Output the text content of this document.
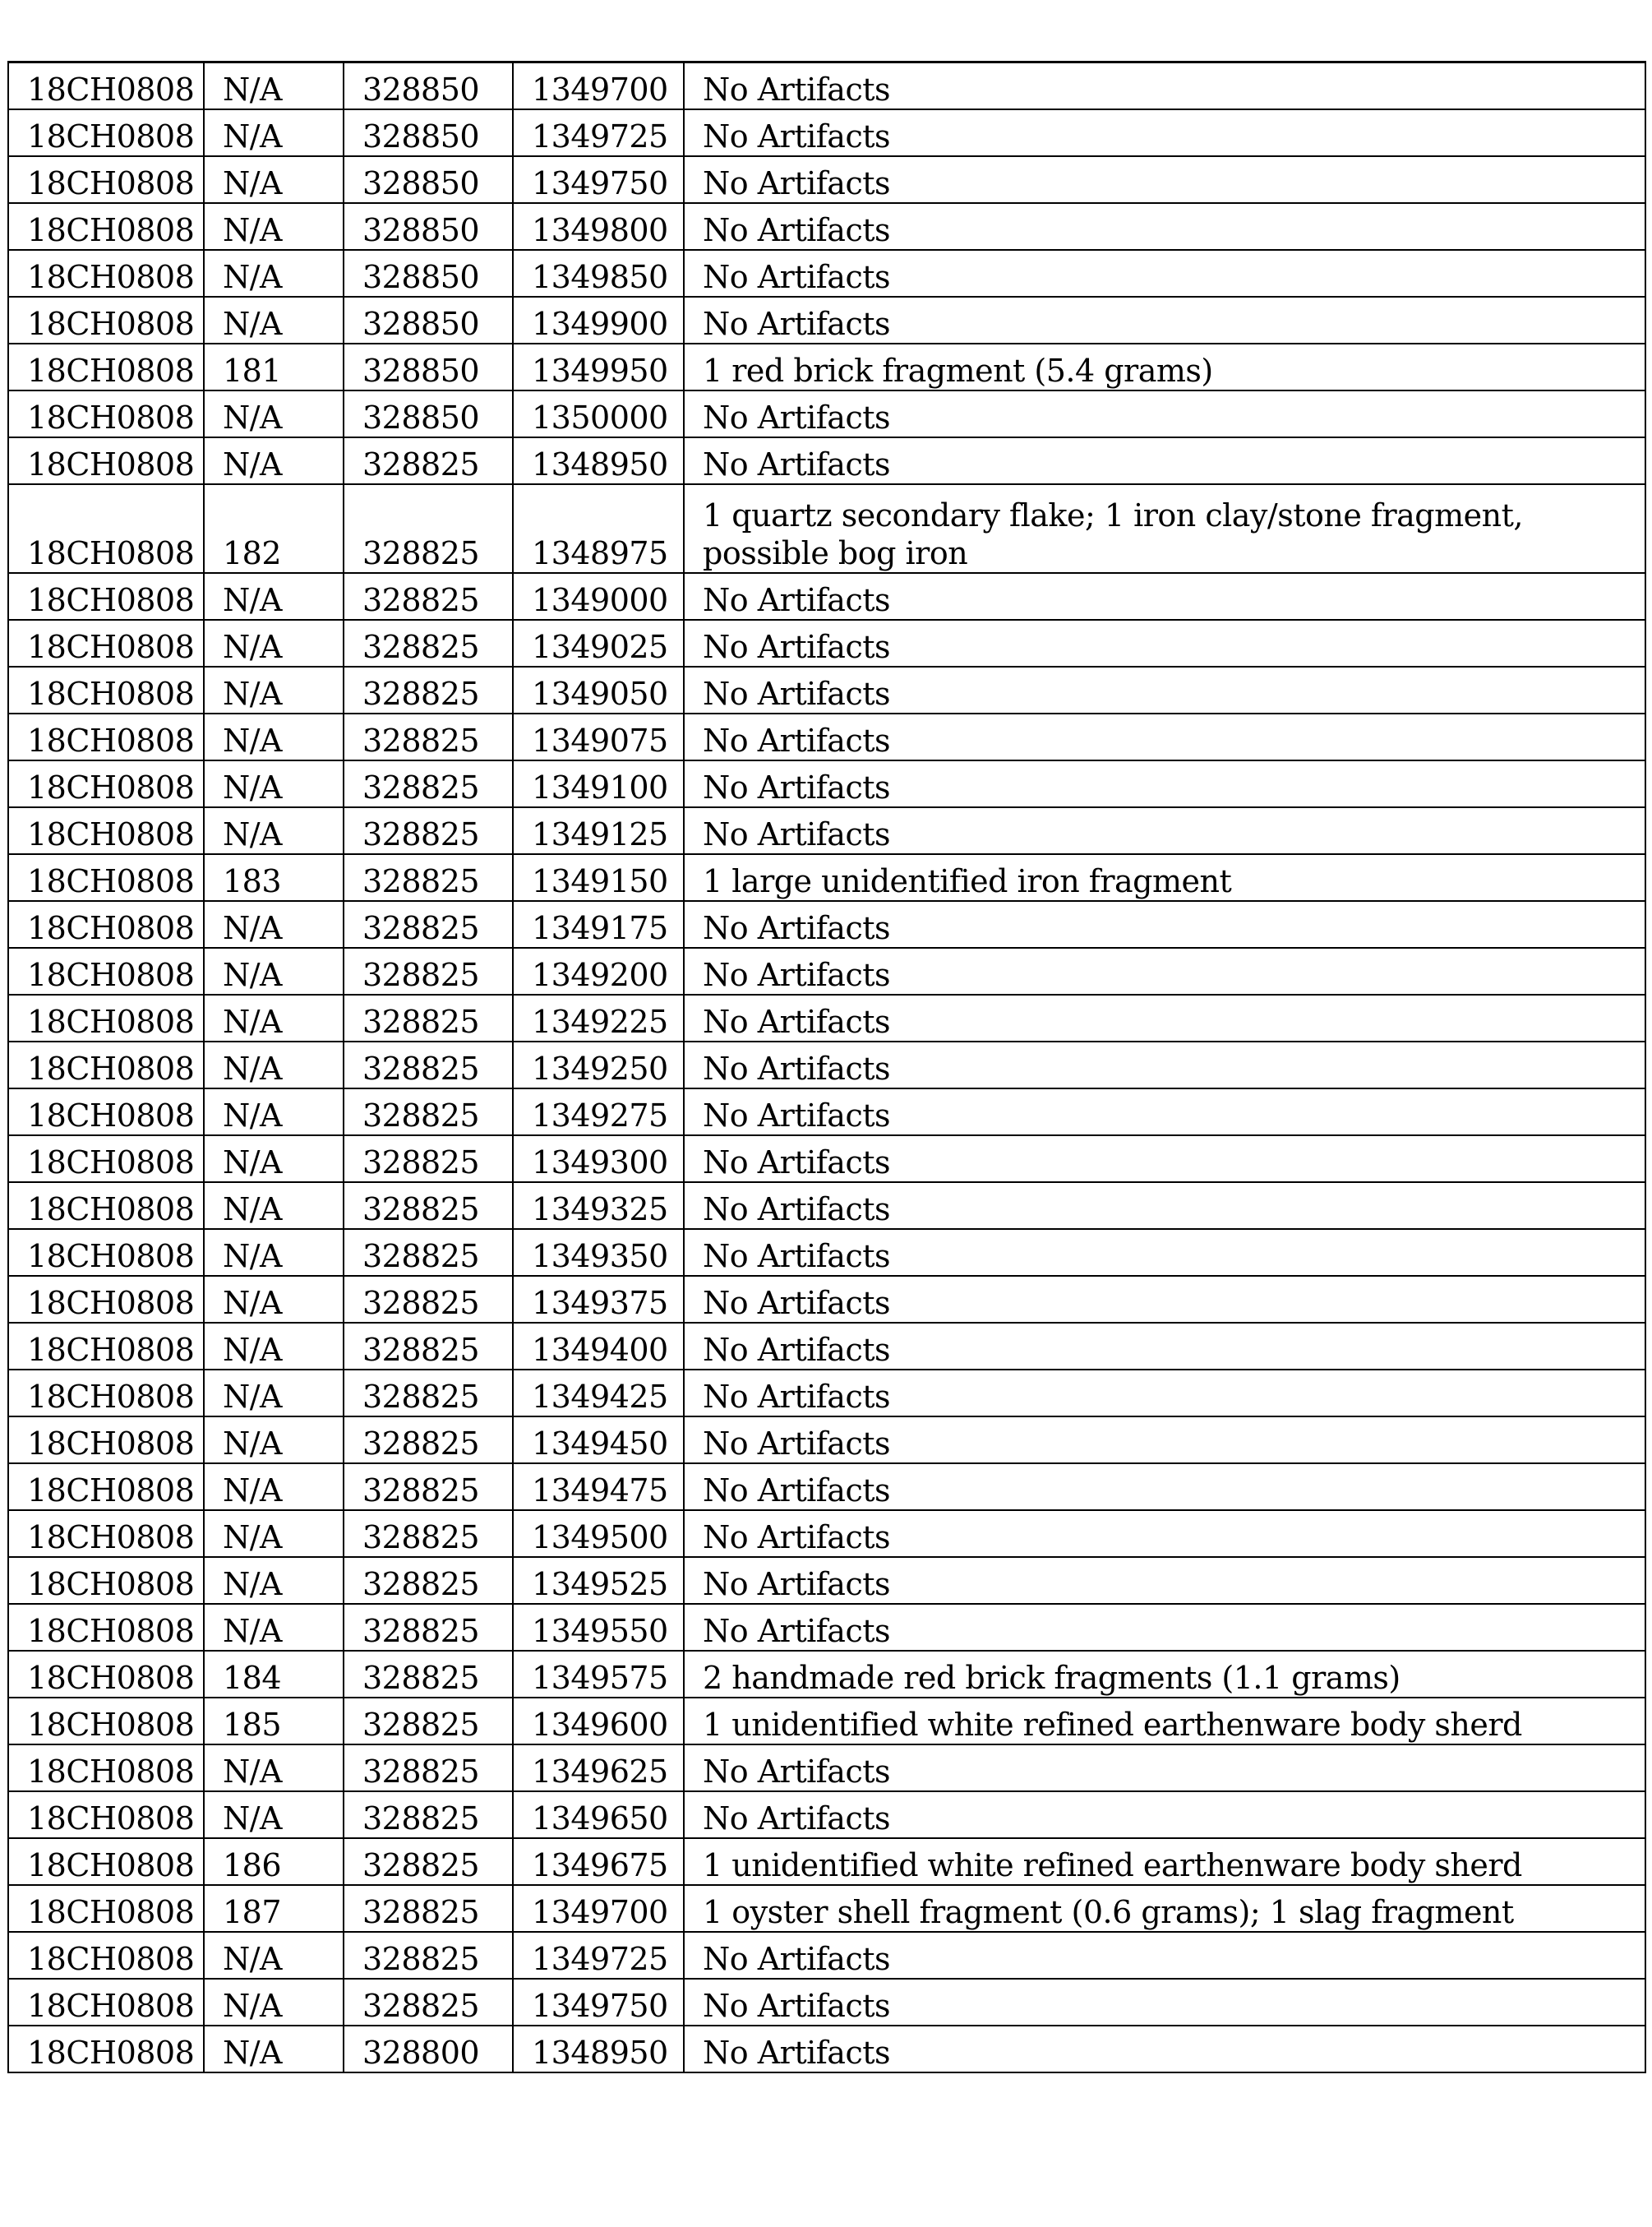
18CH0808	N/A	328850	1349700	No Artifacts
18CH0808	N/A	328850	1349725	No Artifacts
18CH0808	N/A	328850	1349750	No Artifacts
18CH0808	N/A	328850	1349800	No Artifacts
18CH0808	N/A	328850	1349850	No Artifacts
18CH0808	N/A	328850	1349900	No Artifacts
18CH0808	181	328850	1349950	1 red brick fragment (5.4 grams)
18CH0808	N/A	328850	1350000	No Artifacts
18CH0808	N/A	328825	1348950	No Artifacts
18CH0808	182	328825	1348975	1 quartz secondary flake; 1 iron clay/stone fragment, possible bog iron
18CH0808	N/A	328825	1349000	No Artifacts
18CH0808	N/A	328825	1349025	No Artifacts
18CH0808	N/A	328825	1349050	No Artifacts
18CH0808	N/A	328825	1349075	No Artifacts
18CH0808	N/A	328825	1349100	No Artifacts
18CH0808	N/A	328825	1349125	No Artifacts
18CH0808	183	328825	1349150	1 large unidentified iron fragment
18CH0808	N/A	328825	1349175	No Artifacts
18CH0808	N/A	328825	1349200	No Artifacts
18CH0808	N/A	328825	1349225	No Artifacts
18CH0808	N/A	328825	1349250	No Artifacts
18CH0808	N/A	328825	1349275	No Artifacts
18CH0808	N/A	328825	1349300	No Artifacts
18CH0808	N/A	328825	1349325	No Artifacts
18CH0808	N/A	328825	1349350	No Artifacts
18CH0808	N/A	328825	1349375	No Artifacts
18CH0808	N/A	328825	1349400	No Artifacts
18CH0808	N/A	328825	1349425	No Artifacts
18CH0808	N/A	328825	1349450	No Artifacts
18CH0808	N/A	328825	1349475	No Artifacts
18CH0808	N/A	328825	1349500	No Artifacts
18CH0808	N/A	328825	1349525	No Artifacts
18CH0808	N/A	328825	1349550	No Artifacts
18CH0808	184	328825	1349575	2 handmade red brick fragments (1.1 grams)
18CH0808	185	328825	1349600	1 unidentified white refined earthenware body sherd
18CH0808	N/A	328825	1349625	No Artifacts
18CH0808	N/A	328825	1349650	No Artifacts
18CH0808	186	328825	1349675	1 unidentified white refined earthenware body sherd
18CH0808	187	328825	1349700	1 oyster shell fragment (0.6 grams); 1 slag fragment
18CH0808	N/A	328825	1349725	No Artifacts
18CH0808	N/A	328825	1349750	No Artifacts
18CH0808	N/A	328800	1348950	No Artifacts
